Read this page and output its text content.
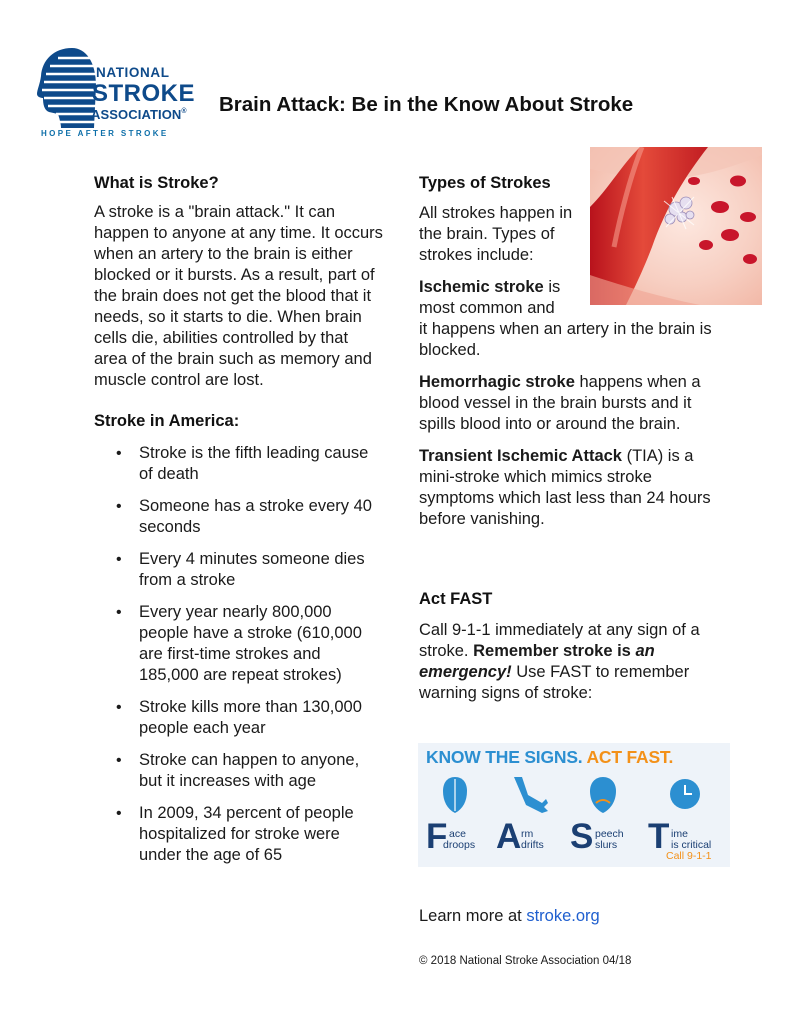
NATIONAL
STROKE
ASSOCIATION®
HOPE AFTER STROKE
Brain Attack: Be in the Know About Stroke
What is Stroke?

A stroke is a "brain attack." It can happen to anyone at any time. It occurs when an artery to the brain is either blocked or it bursts. As a result, part of the brain does not get the blood that it needs, so it starts to die. When brain cells die, abilities controlled by that area of the brain such as memory and muscle control are lost.

Stroke in America:
• Stroke is the fifth leading cause of death
• Someone has a stroke every 40 seconds
• Every 4 minutes someone dies from a stroke
• Every year nearly 800,000 people have a stroke (610,000 are first-time strokes and 185,000 are repeat strokes)
• Stroke kills more than 130,000 people each year
• Stroke can happen to anyone, but it increases with age
• In 2009, 34 percent of people hospitalized for stroke were under the age of 65
Types of Strokes

All strokes happen in the brain. Types of strokes include:

Ischemic stroke is most common and

it happens when an artery in the brain is blocked.

Hemorrhagic stroke happens when a blood vessel in the brain bursts and it spills blood into or around the brain.

Transient Ischemic Attack (TIA) is a mini-stroke which mimics stroke symptoms which last less than 24 hours before vanishing.

Act FAST

Call 9-1-1 immediately at any sign of a stroke. Remember stroke is an emergency! Use FAST to remember warning signs of stroke:

KNOW THE SIGNS. ACT FAST.
F ace
droops A rm
drifts S peech
slurs T ime
is critical
Call 9-1-1
Learn more at stroke.org
© 2018 National Stroke Association 04/18
